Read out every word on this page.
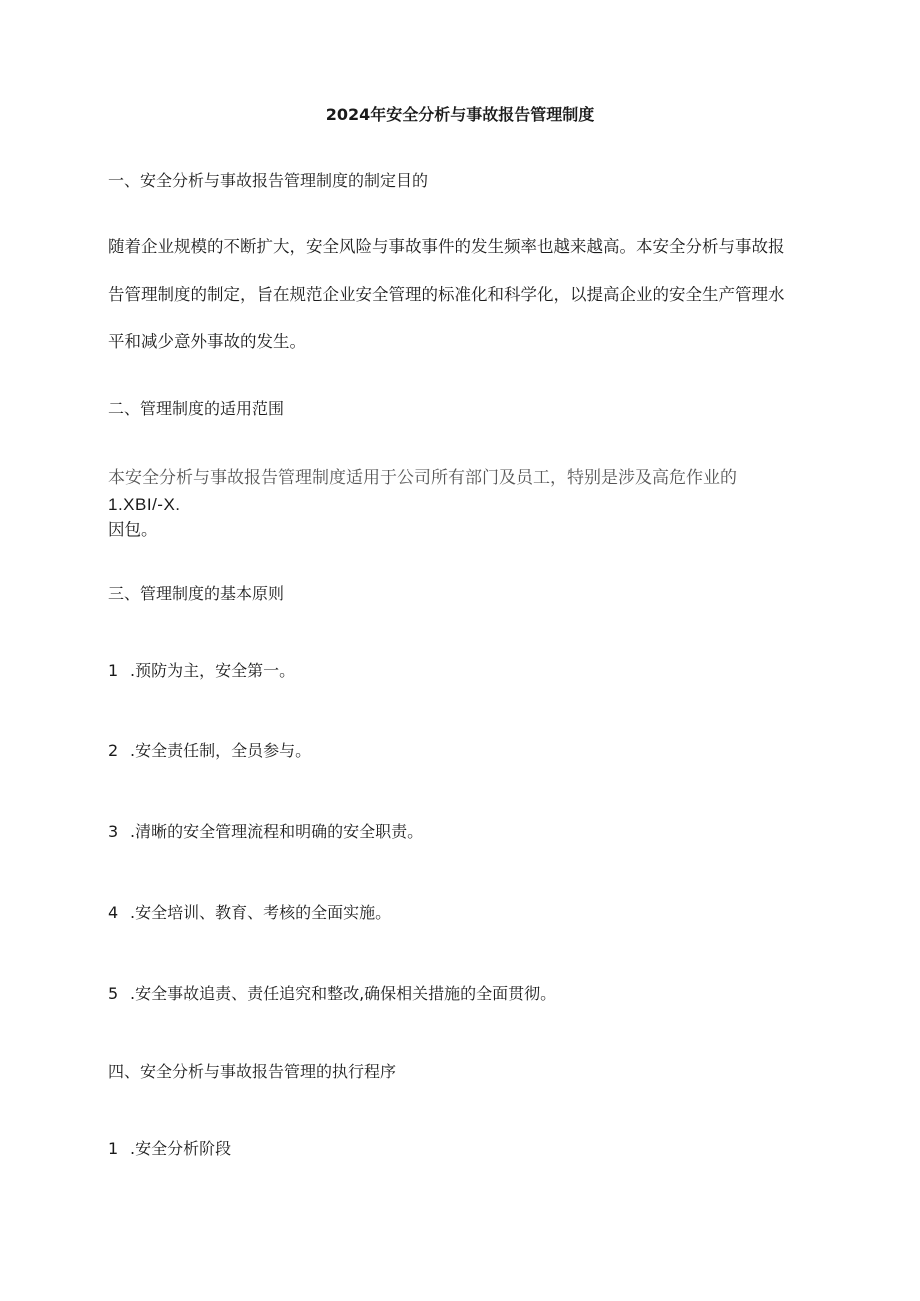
2024年安全分析与事故报告管理制度
一、安全分析与事故报告管理制度的制定目的
随着企业规模的不断扩大，安全风险与事故事件的发生频率也越来越高。本安全分析与事故报
告管理制度的制定，旨在规范企业安全管理的标准化和科学化，以提高企业的安全生产管理水
平和减少意外事故的发生。
二、管理制度的适用范围
本安全分析与事故报告管理制度适用于公司所有部门及员工，特别是涉及高危作业的
1.XBI/-X.
因包。
三、管理制度的基本原则
1 .预防为主，安全第一。
2 .安全责任制，全员参与。
3 .清晰的安全管理流程和明确的安全职责。
4 .安全培训、教育、考核的全面实施。
5 .安全事故追责、责任追究和整改,确保相关措施的全面贯彻。
四、安全分析与事故报告管理的执行程序
1 .安全分析阶段
